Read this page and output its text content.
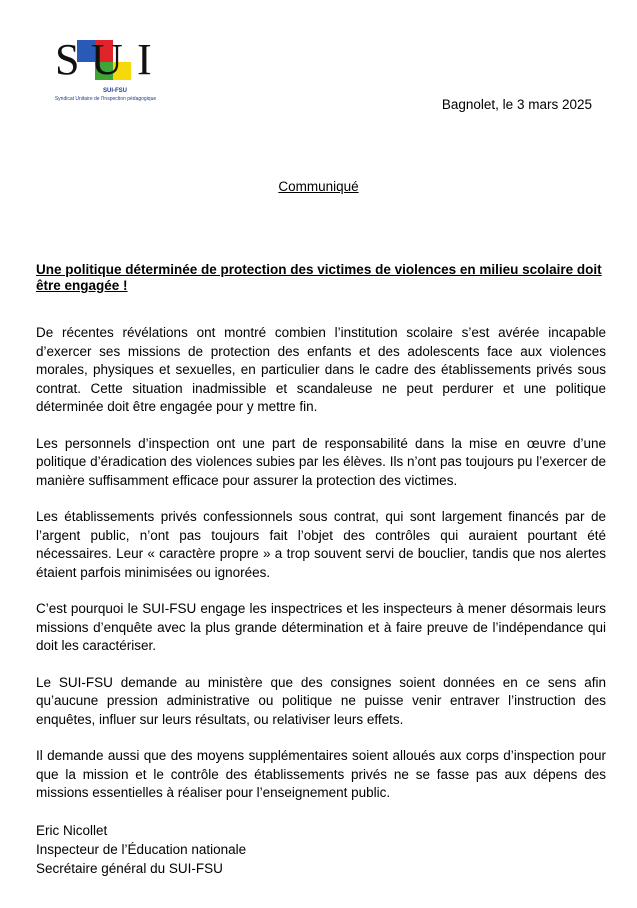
S U I
SUI-FSU
Syndicat Unitaire de l'Inspection pédagogique	Bagnolet, le 3 mars 2025
Communiqué
Une politique déterminée de protection des victimes de violences en milieu scolaire doit être engagée !

De récentes révélations ont montré combien l’institution scolaire s’est avérée incapable d’exercer ses missions de protection des enfants et des adolescents face aux violences morales, physiques et sexuelles, en particulier dans le cadre des établissements privés sous contrat. Cette situation inadmissible et scandaleuse ne peut perdurer et une politique déterminée doit être engagée pour y mettre fin.

Les personnels d’inspection ont une part de responsabilité dans la mise en œuvre d’une politique d’éradication des violences subies par les élèves. Ils n’ont pas toujours pu l’exercer de manière suffisamment efficace pour assurer la protection des victimes.

Les établissements privés confessionnels sous contrat, qui sont largement financés par de l’argent public, n’ont pas toujours fait l’objet des contrôles qui auraient pourtant été nécessaires. Leur « caractère propre » a trop souvent servi de bouclier, tandis que nos alertes étaient parfois minimisées ou ignorées.

C’est pourquoi le SUI-FSU engage les inspectrices et les inspecteurs à mener désormais leurs missions d’enquête avec la plus grande détermination et à faire preuve de l’indépendance qui doit les caractériser.

Le SUI-FSU demande au ministère que des consignes soient données en ce sens afin qu’aucune pression administrative ou politique ne puisse venir entraver l’instruction des enquêtes, influer sur leurs résultats, ou relativiser leurs effets.

Il demande aussi que des moyens supplémentaires soient alloués aux corps d’inspection pour que la mission et le contrôle des établissements privés ne se fasse pas aux dépens des missions essentielles à réaliser pour l’enseignement public.

Eric Nicollet
Inspecteur de l’Éducation nationale
Secrétaire général du SUI-FSU
